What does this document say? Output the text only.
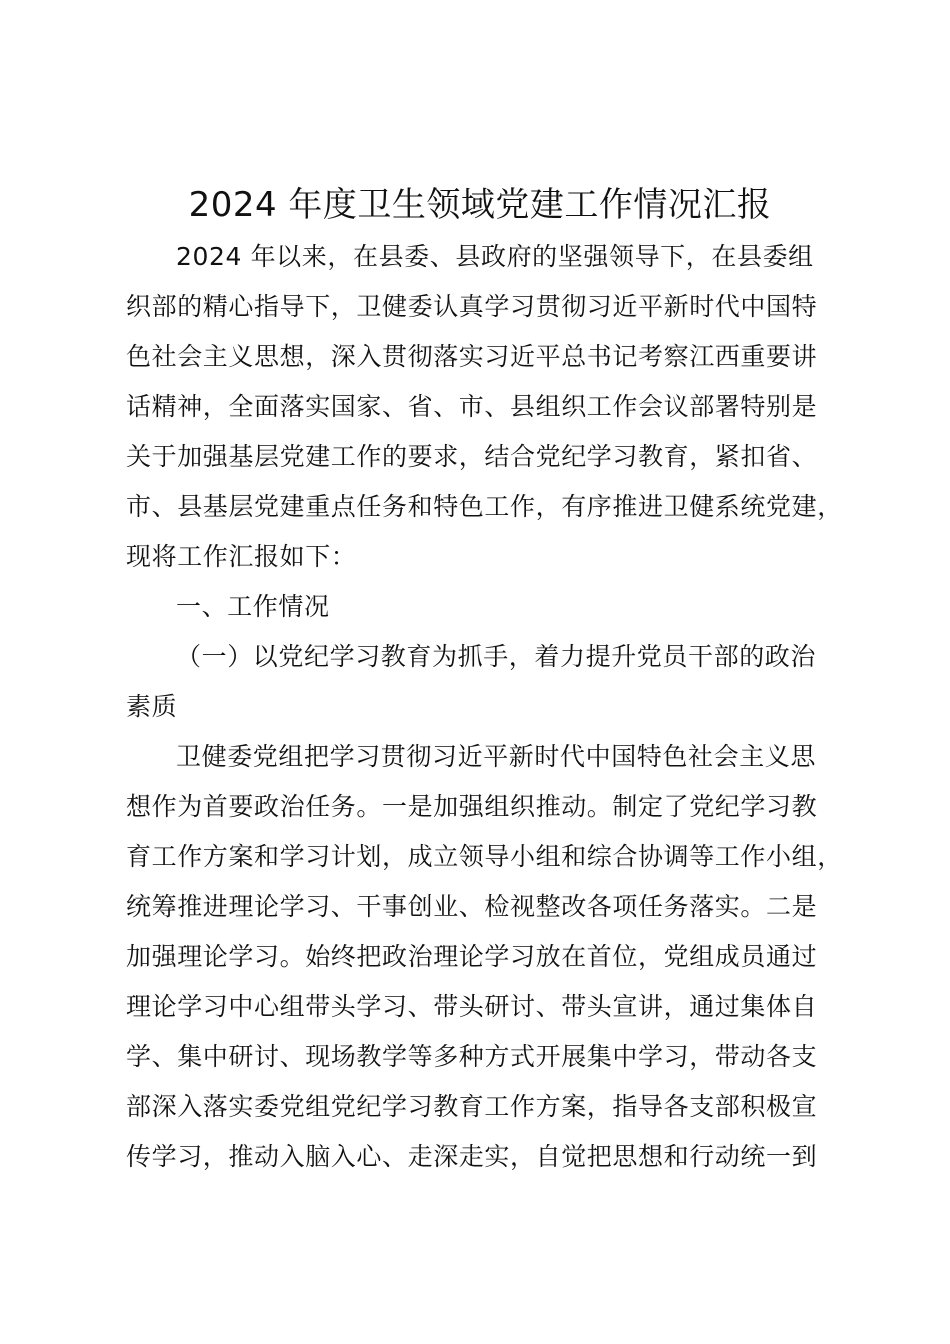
2024 年度卫生领域党建工作情况汇报
2024 年以来，在县委、县政府的坚强领导下，在县委组
织部的精心指导下，卫健委认真学习贯彻习近平新时代中国特
色社会主义思想，深入贯彻落实习近平总书记考察江西重要讲
话精神，全面落实国家、省、市、县组织工作会议部署特别是
关于加强基层党建工作的要求，结合党纪学习教育，紧扣省、
市、县基层党建重点任务和特色工作，有序推进卫健系统党建，
现将工作汇报如下：
一、工作情况
（一）以党纪学习教育为抓手，着力提升党员干部的政治
素质
卫健委党组把学习贯彻习近平新时代中国特色社会主义思
想作为首要政治任务。一是加强组织推动。制定了党纪学习教
育工作方案和学习计划，成立领导小组和综合协调等工作小组，
统筹推进理论学习、干事创业、检视整改各项任务落实。二是
加强理论学习。始终把政治理论学习放在首位，党组成员通过
理论学习中心组带头学习、带头研讨、带头宣讲，通过集体自
学、集中研讨、现场教学等多种方式开展集中学习，带动各支
部深入落实委党组党纪学习教育工作方案，指导各支部积极宣
传学习，推动入脑入心、走深走实，自觉把思想和行动统一到
